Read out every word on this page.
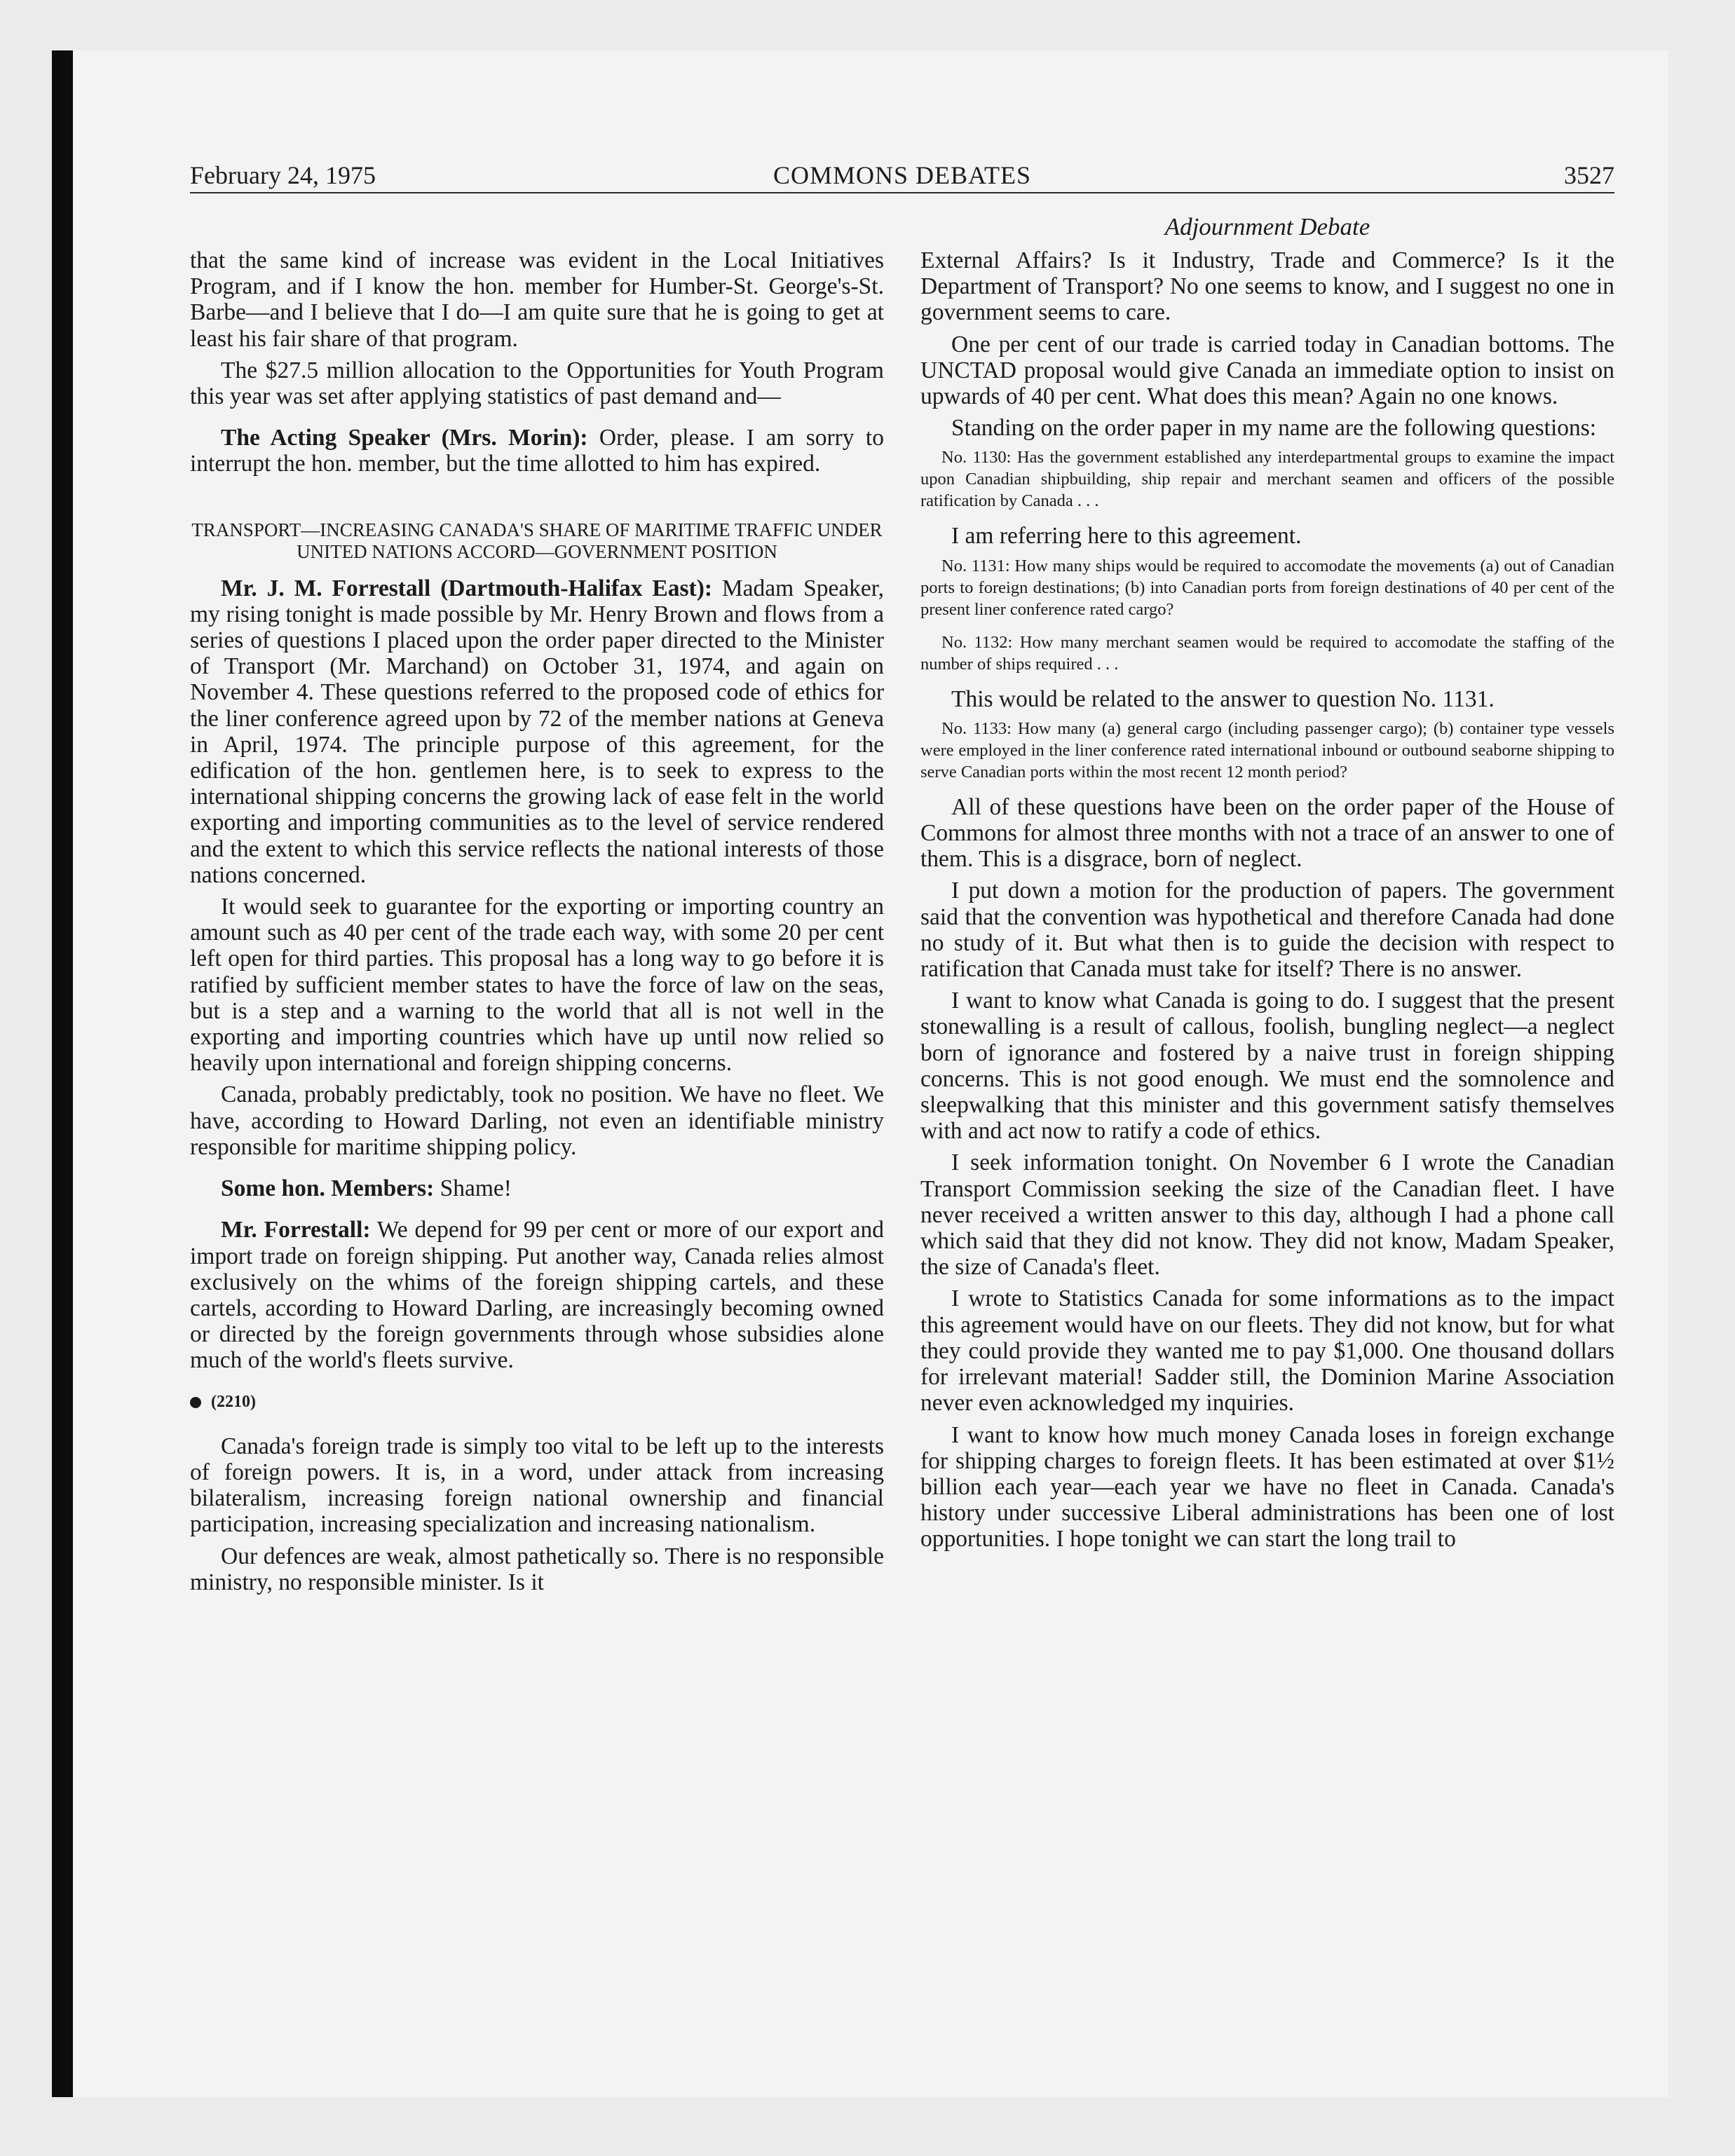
February 24, 1975	COMMONS DEBATES	3527
Adjournment Debate

that the same kind of increase was evident in the Local Initiatives Program, and if I know the hon. member for Humber-St. George's-St. Barbe—and I believe that I do—I am quite sure that he is going to get at least his fair share of that program.

The $27.5 million allocation to the Opportunities for Youth Program this year was set after applying statistics of past demand and—

The Acting Speaker (Mrs. Morin): Order, please. I am sorry to interrupt the hon. member, but the time allotted to him has expired.

TRANSPORT—INCREASING CANADA'S SHARE OF MARITIME TRAFFIC UNDER UNITED NATIONS ACCORD—GOVERNMENT POSITION

Mr. J. M. Forrestall (Dartmouth-Halifax East): Madam Speaker, my rising tonight is made possible by Mr. Henry Brown and flows from a series of questions I placed upon the order paper directed to the Minister of Transport (Mr. Marchand) on October 31, 1974, and again on November 4. These questions referred to the proposed code of ethics for the liner conference agreed upon by 72 of the member nations at Geneva in April, 1974. The principle purpose of this agreement, for the edification of the hon. gentlemen here, is to seek to express to the international shipping concerns the growing lack of ease felt in the world exporting and importing communities as to the level of service rendered and the extent to which this service reflects the national interests of those nations concerned.

It would seek to guarantee for the exporting or importing country an amount such as 40 per cent of the trade each way, with some 20 per cent left open for third parties. This proposal has a long way to go before it is ratified by sufficient member states to have the force of law on the seas, but is a step and a warning to the world that all is not well in the exporting and importing countries which have up until now relied so heavily upon international and foreign shipping concerns.

Canada, probably predictably, took no position. We have no fleet. We have, according to Howard Darling, not even an identifiable ministry responsible for maritime shipping policy.

Some hon. Members: Shame!

Mr. Forrestall: We depend for 99 per cent or more of our export and import trade on foreign shipping. Put another way, Canada relies almost exclusively on the whims of the foreign shipping cartels, and these cartels, according to Howard Darling, are increasingly becoming owned or directed by the foreign governments through whose subsidies alone much of the world's fleets survive.

(2210)

Canada's foreign trade is simply too vital to be left up to the interests of foreign powers. It is, in a word, under attack from increasing bilateralism, increasing foreign national ownership and financial participation, increasing specialization and increasing nationalism.

Our defences are weak, almost pathetically so. There is no responsible ministry, no responsible minister. Is it

External Affairs? Is it Industry, Trade and Commerce? Is it the Department of Transport? No one seems to know, and I suggest no one in government seems to care.

One per cent of our trade is carried today in Canadian bottoms. The UNCTAD proposal would give Canada an immediate option to insist on upwards of 40 per cent. What does this mean? Again no one knows.

Standing on the order paper in my name are the following questions:

No. 1130: Has the government established any interdepartmental groups to examine the impact upon Canadian shipbuilding, ship repair and merchant seamen and officers of the possible ratification by Canada . . .

I am referring here to this agreement.

No. 1131: How many ships would be required to accomodate the movements (a) out of Canadian ports to foreign destinations; (b) into Canadian ports from foreign destinations of 40 per cent of the present liner conference rated cargo?

No. 1132: How many merchant seamen would be required to accomodate the staffing of the number of ships required . . .

This would be related to the answer to question No. 1131.

No. 1133: How many (a) general cargo (including passenger cargo); (b) container type vessels were employed in the liner conference rated international inbound or outbound seaborne shipping to serve Canadian ports within the most recent 12 month period?

All of these questions have been on the order paper of the House of Commons for almost three months with not a trace of an answer to one of them. This is a disgrace, born of neglect.

I put down a motion for the production of papers. The government said that the convention was hypothetical and therefore Canada had done no study of it. But what then is to guide the decision with respect to ratification that Canada must take for itself? There is no answer.

I want to know what Canada is going to do. I suggest that the present stonewalling is a result of callous, foolish, bungling neglect—a neglect born of ignorance and fostered by a naive trust in foreign shipping concerns. This is not good enough. We must end the somnolence and sleepwalking that this minister and this government satisfy themselves with and act now to ratify a code of ethics.

I seek information tonight. On November 6 I wrote the Canadian Transport Commission seeking the size of the Canadian fleet. I have never received a written answer to this day, although I had a phone call which said that they did not know. They did not know, Madam Speaker, the size of Canada's fleet.

I wrote to Statistics Canada for some informations as to the impact this agreement would have on our fleets. They did not know, but for what they could provide they wanted me to pay $1,000. One thousand dollars for irrelevant material! Sadder still, the Dominion Marine Association never even acknowledged my inquiries.

I want to know how much money Canada loses in foreign exchange for shipping charges to foreign fleets. It has been estimated at over $1½ billion each year—each year we have no fleet in Canada. Canada's history under successive Liberal administrations has been one of lost opportunities. I hope tonight we can start the long trail to
